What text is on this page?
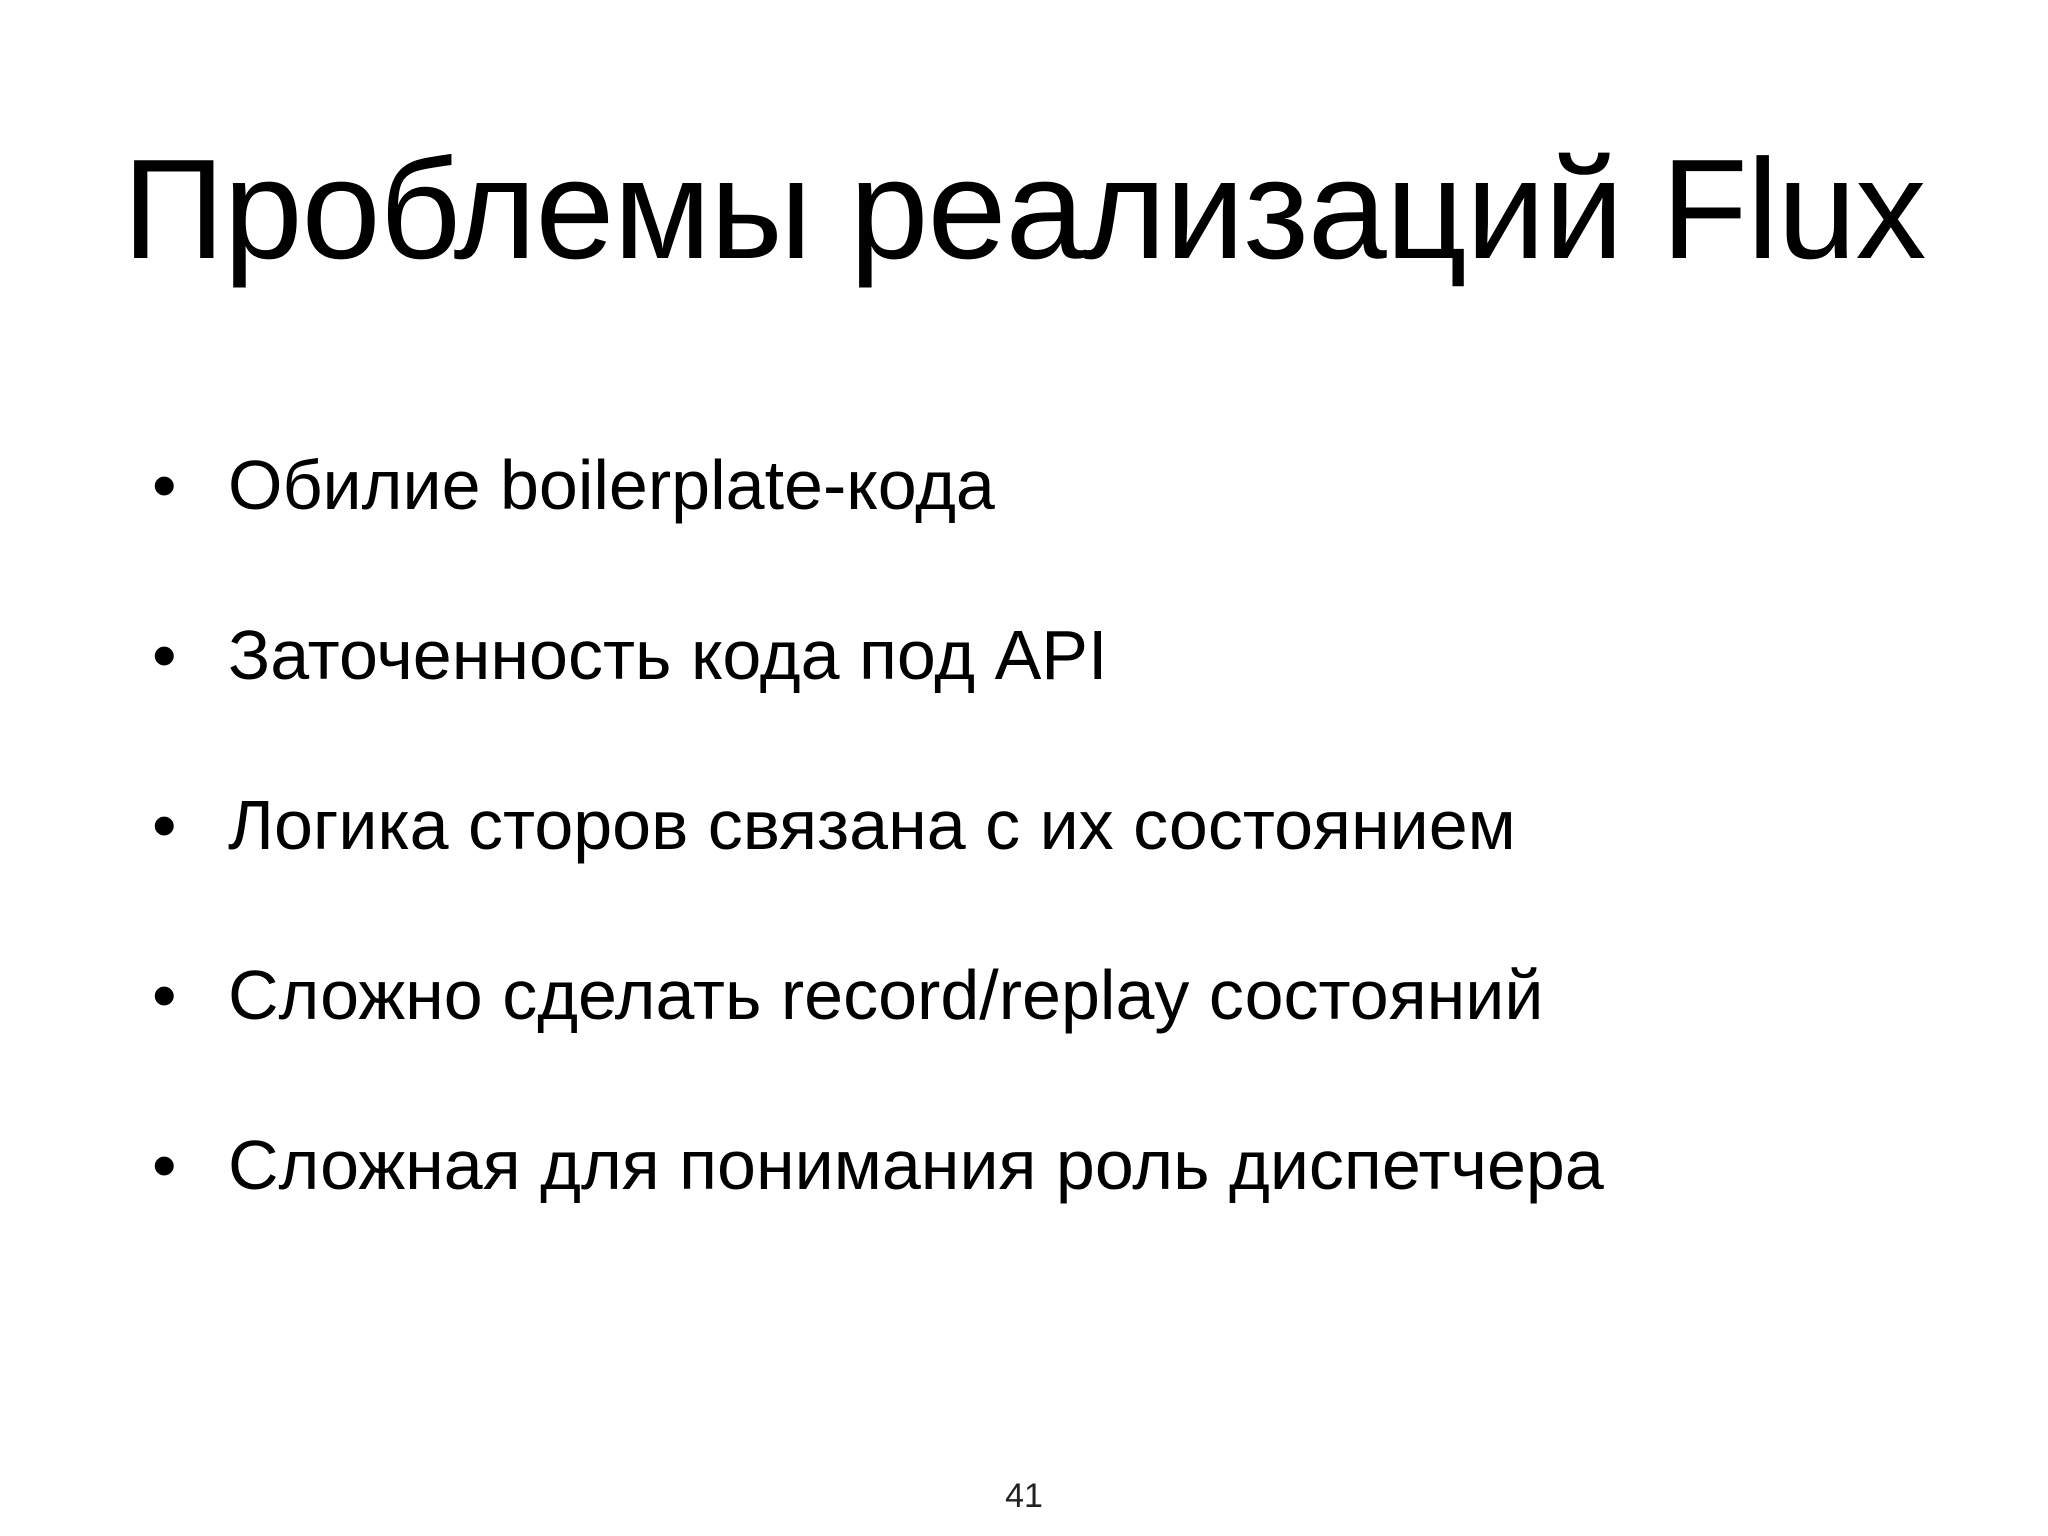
Проблемы реализаций Flux
• Обилие boilerplate-кода
• Заточенность кода под API
• Логика сторов связана с их состоянием
• Сложно сделать record/replay состояний
• Сложная для понимания роль диспетчера
41
